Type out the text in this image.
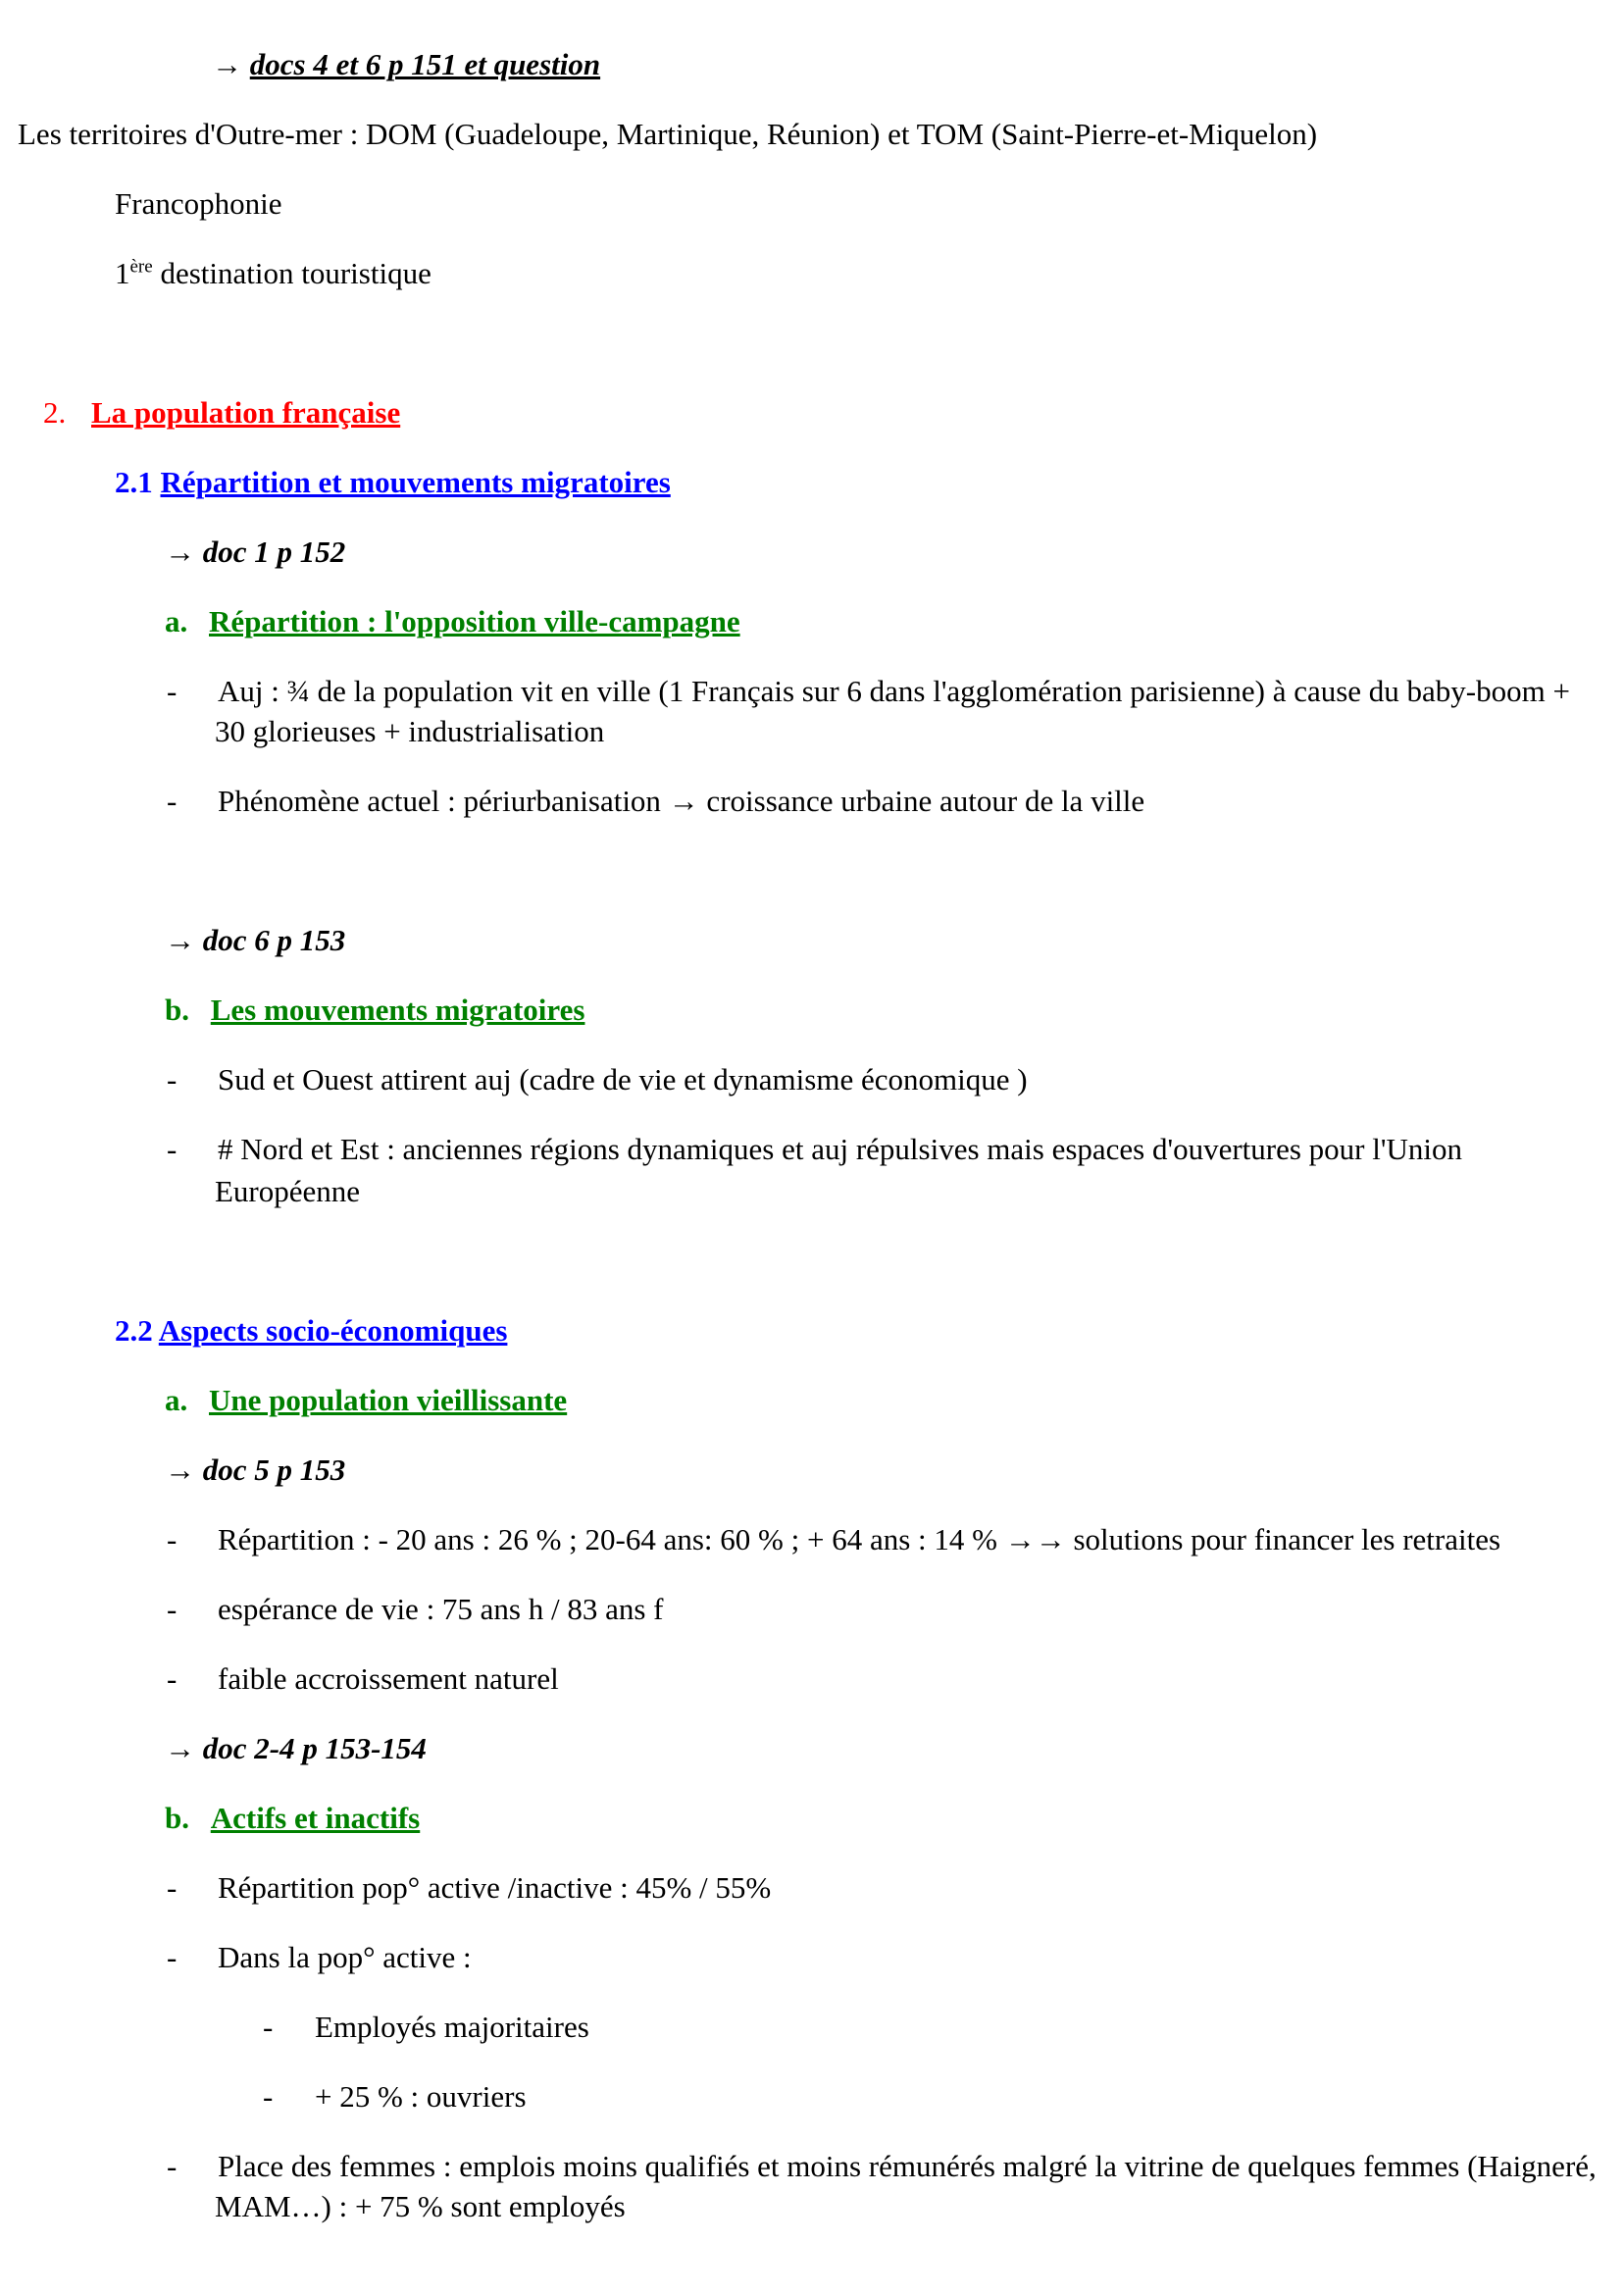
→ docs 4 et 6 p 151 et question
Les territoires d'Outre-mer : DOM (Guadeloupe, Martinique, Réunion) et TOM (Saint-Pierre-et-Miquelon)
Francophonie
1ère destination touristique
2. La population française
2.1 Répartition et mouvements migratoires
→ doc 1 p 152
a. Répartition : l'opposition ville-campagne
- Auj : ¾ de la population vit en ville (1 Français sur 6 dans l'agglomération parisienne) à cause du baby-boom +
30 glorieuses + industrialisation
- Phénomène actuel : périurbanisation → croissance urbaine autour de la ville
→ doc 6 p 153
b. Les mouvements migratoires
- Sud et Ouest attirent auj (cadre de vie et dynamisme économique )
- # Nord et Est : anciennes régions dynamiques et auj répulsives mais espaces d'ouvertures pour l'Union
Européenne
2.2 Aspects socio-économiques
a. Une population vieillissante
→ doc 5 p 153
- Répartition : - 20 ans : 26 % ; 20-64 ans: 60 % ; + 64 ans : 14 % →→ solutions pour financer les retraites
- espérance de vie : 75 ans h / 83 ans f
- faible accroissement naturel
→ doc 2-4 p 153-154
b. Actifs et inactifs
- Répartition pop° active /inactive : 45% / 55%
- Dans la pop° active :
- Employés majoritaires
- + 25 % : ouvriers
- Place des femmes : emplois moins qualifiés et moins rémunérés malgré la vitrine de quelques femmes (Haigneré,
MAM…) : + 75 % sont employés
